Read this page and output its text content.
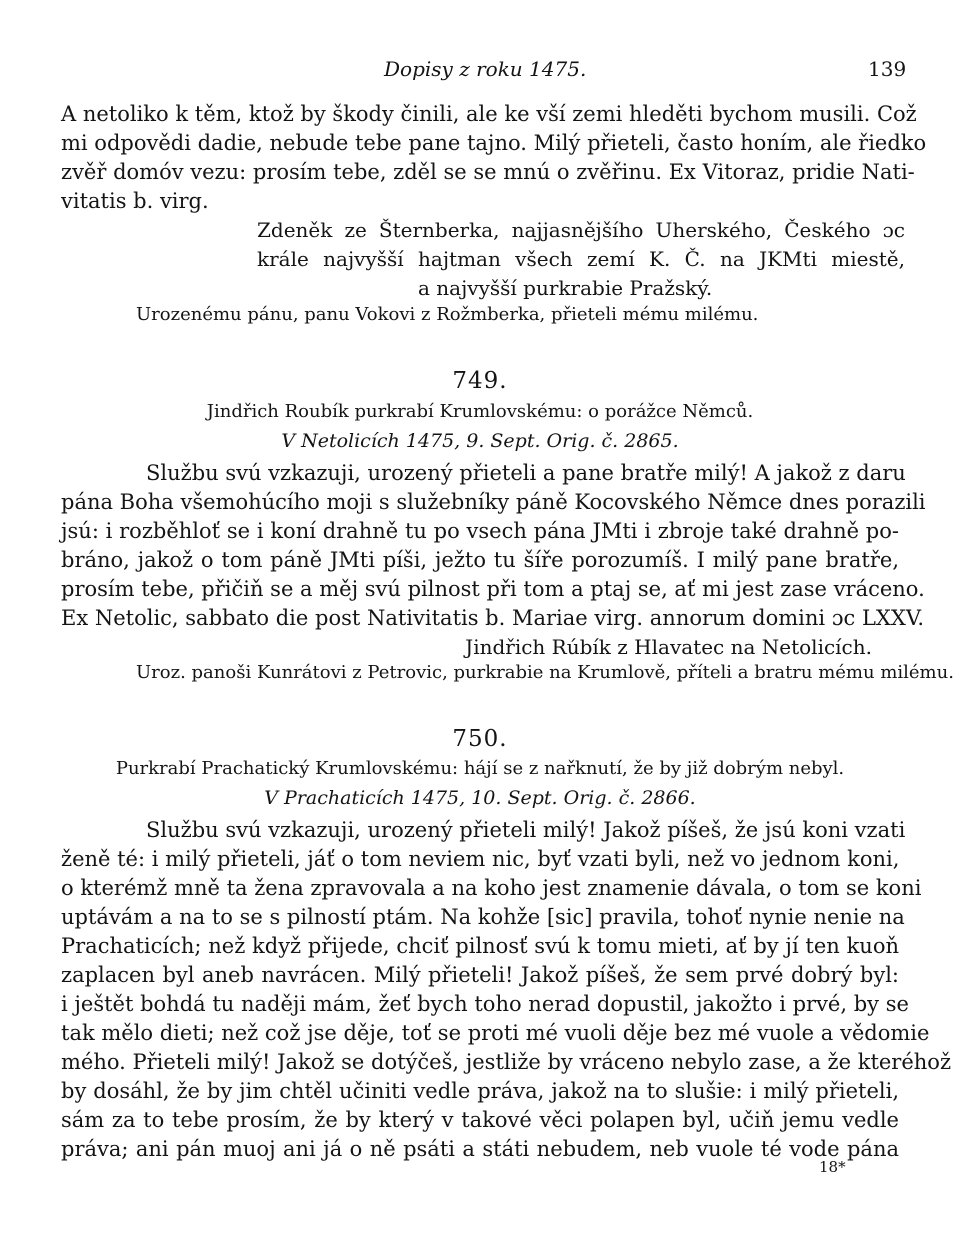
Dopisy z roku 1475.	139
A netoliko k těm, ktož by škody činili, ale ke vší zemi hleděti bychom musili. Což
mi odpovědi dadie, nebude tebe pane tajno. Milý přieteli, často honím, ale řiedko
zvěř domóv vezu: prosím tebe, zděl se se mnú o zvěřinu. Ex Vitoraz, pridie Nati-
vitatis b. virg.
Zdeněk ze Šternberka, najjasnějšího Uherského, Českého ɔc
krále najvyšší hajtman všech zemí K. Č. na JKMti miestě,
a najvyšší purkrabie Pražský.
Urozenému pánu, panu Vokovi z Rožmberka, přieteli mému milému.
749.
Jindřich Roubík purkrabí Krumlovskému: o porážce Němců.
V Netolicích 1475, 9. Sept. Orig. č. 2865.
Službu svú vzkazuji, urozený přieteli a pane bratře milý! A jakož z daru
pána Boha všemohúcího moji s služebníky páně Kocovského Němce dnes porazili
jsú: i rozběhloť se i koní drahně tu po vsech pána JMti i zbroje také drahně po-
bráno, jakož o tom páně JMti píši, ježto tu šíře porozumíš. I milý pane bratře,
prosím tebe, přičiň se a měj svú pilnost při tom a ptaj se, ať mi jest zase vráceno.
Ex Netolic, sabbato die post Nativitatis b. Mariae virg. annorum domini ɔc LXXV.
Jindřich Rúbík z Hlavatec na Netolicích.
Uroz. panoši Kunrátovi z Petrovic, purkrabie na Krumlově, příteli a bratru mému milému.
750.
Purkrabí Prachatický Krumlovskému: hájí se z nařknutí, že by již dobrým nebyl.
V Prachaticích 1475, 10. Sept. Orig. č. 2866.
Službu svú vzkazuji, urozený přieteli milý! Jakož píšeš, že jsú koni vzati
ženě té: i milý přieteli, jáť o tom neviem nic, byť vzati byli, než vo jednom koni,
o kterémž mně ta žena zpravovala a na koho jest znamenie dávala, o tom se koni
uptávám a na to se s pilností ptám. Na kohže [sic] pravila, tohoť nynie nenie na
Prachaticích; než když přijede, chciť pilnosť svú k tomu mieti, ať by jí ten kuoň
zaplacen byl aneb navrácen. Milý přieteli! Jakož píšeš, že sem prvé dobrý byl:
i ještět bohdá tu naději mám, žeť bych toho nerad dopustil, jakožto i prvé, by se
tak mělo dieti; než což jse děje, toť se proti mé vuoli děje bez mé vuole a vědomie
mého. Přieteli milý! Jakož se dotýčeš, jestliže by vráceno nebylo zase, a že kteréhož
by dosáhl, že by jim chtěl učiniti vedle práva, jakož na to slušie: i milý přieteli,
sám za to tebe prosím, že by který v takové věci polapen byl, učiň jemu vedle
práva; ani pán muoj ani já o ně psáti a státi nebudem, neb vuole té vode pána
18*
